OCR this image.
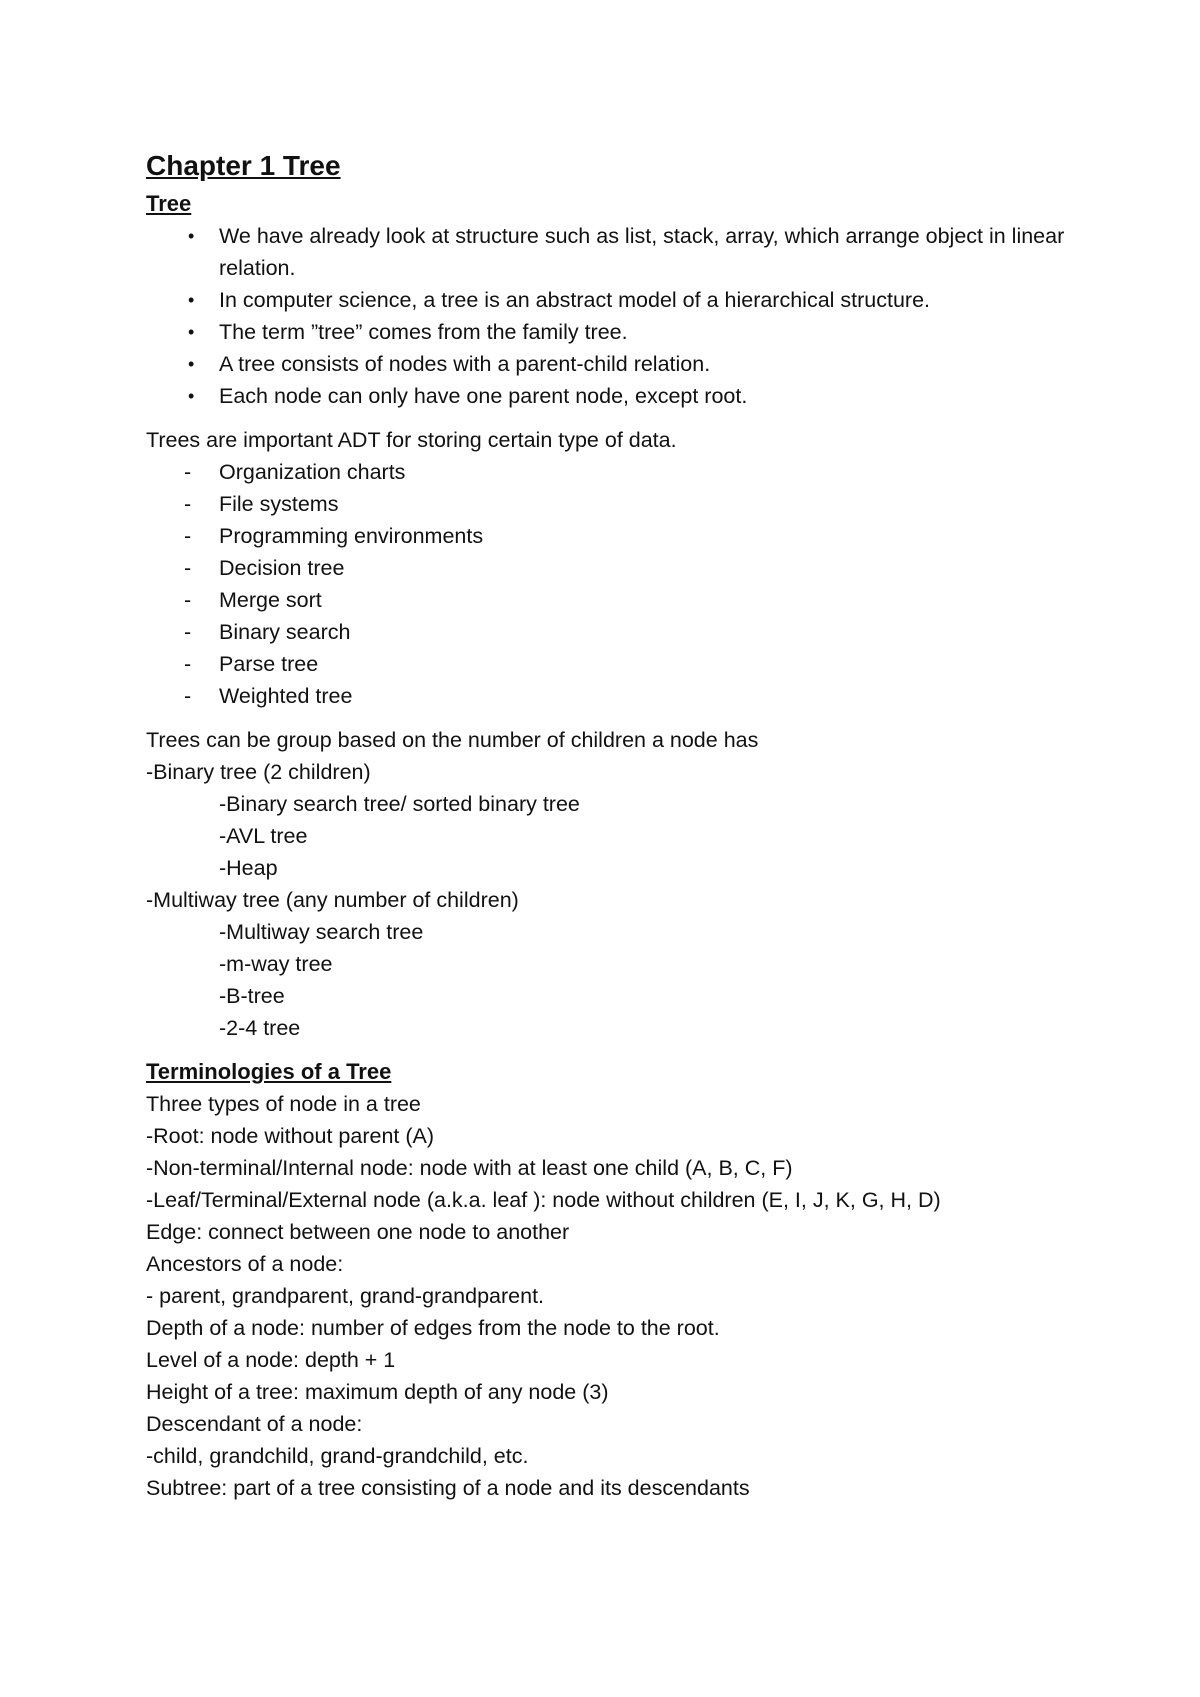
Chapter 1 Tree
Tree
• We have already look at structure such as list, stack, array, which arrange object in linear relation.
• In computer science, a tree is an abstract model of a hierarchical structure.
• The term ”tree” comes from the family tree.
• A tree consists of nodes with a parent-child relation.
• Each node can only have one parent node, except root.
Trees are important ADT for storing certain type of data.
- Organization charts
- File systems
- Programming environments
- Decision tree
- Merge sort
- Binary search
- Parse tree
- Weighted tree
Trees can be group based on the number of children a node has
-Binary tree (2 children)
-Binary search tree/ sorted binary tree
-AVL tree
-Heap
-Multiway tree (any number of children)
-Multiway search tree
-m-way tree
-B-tree
-2-4 tree
Terminologies of a Tree
Three types of node in a tree
-Root: node without parent (A)
-Non-terminal/Internal node: node with at least one child (A, B, C, F)
-Leaf/Terminal/External node (a.k.a. leaf ): node without children (E, I, J, K, G, H, D)
Edge: connect between one node to another
Ancestors of a node:
- parent, grandparent, grand-grandparent.
Depth of a node: number of edges from the node to the root.
Level of a node: depth + 1
Height of a tree: maximum depth of any node (3)
Descendant of a node:
-child, grandchild, grand-grandchild, etc.
Subtree: part of a tree consisting of a node and its descendants
